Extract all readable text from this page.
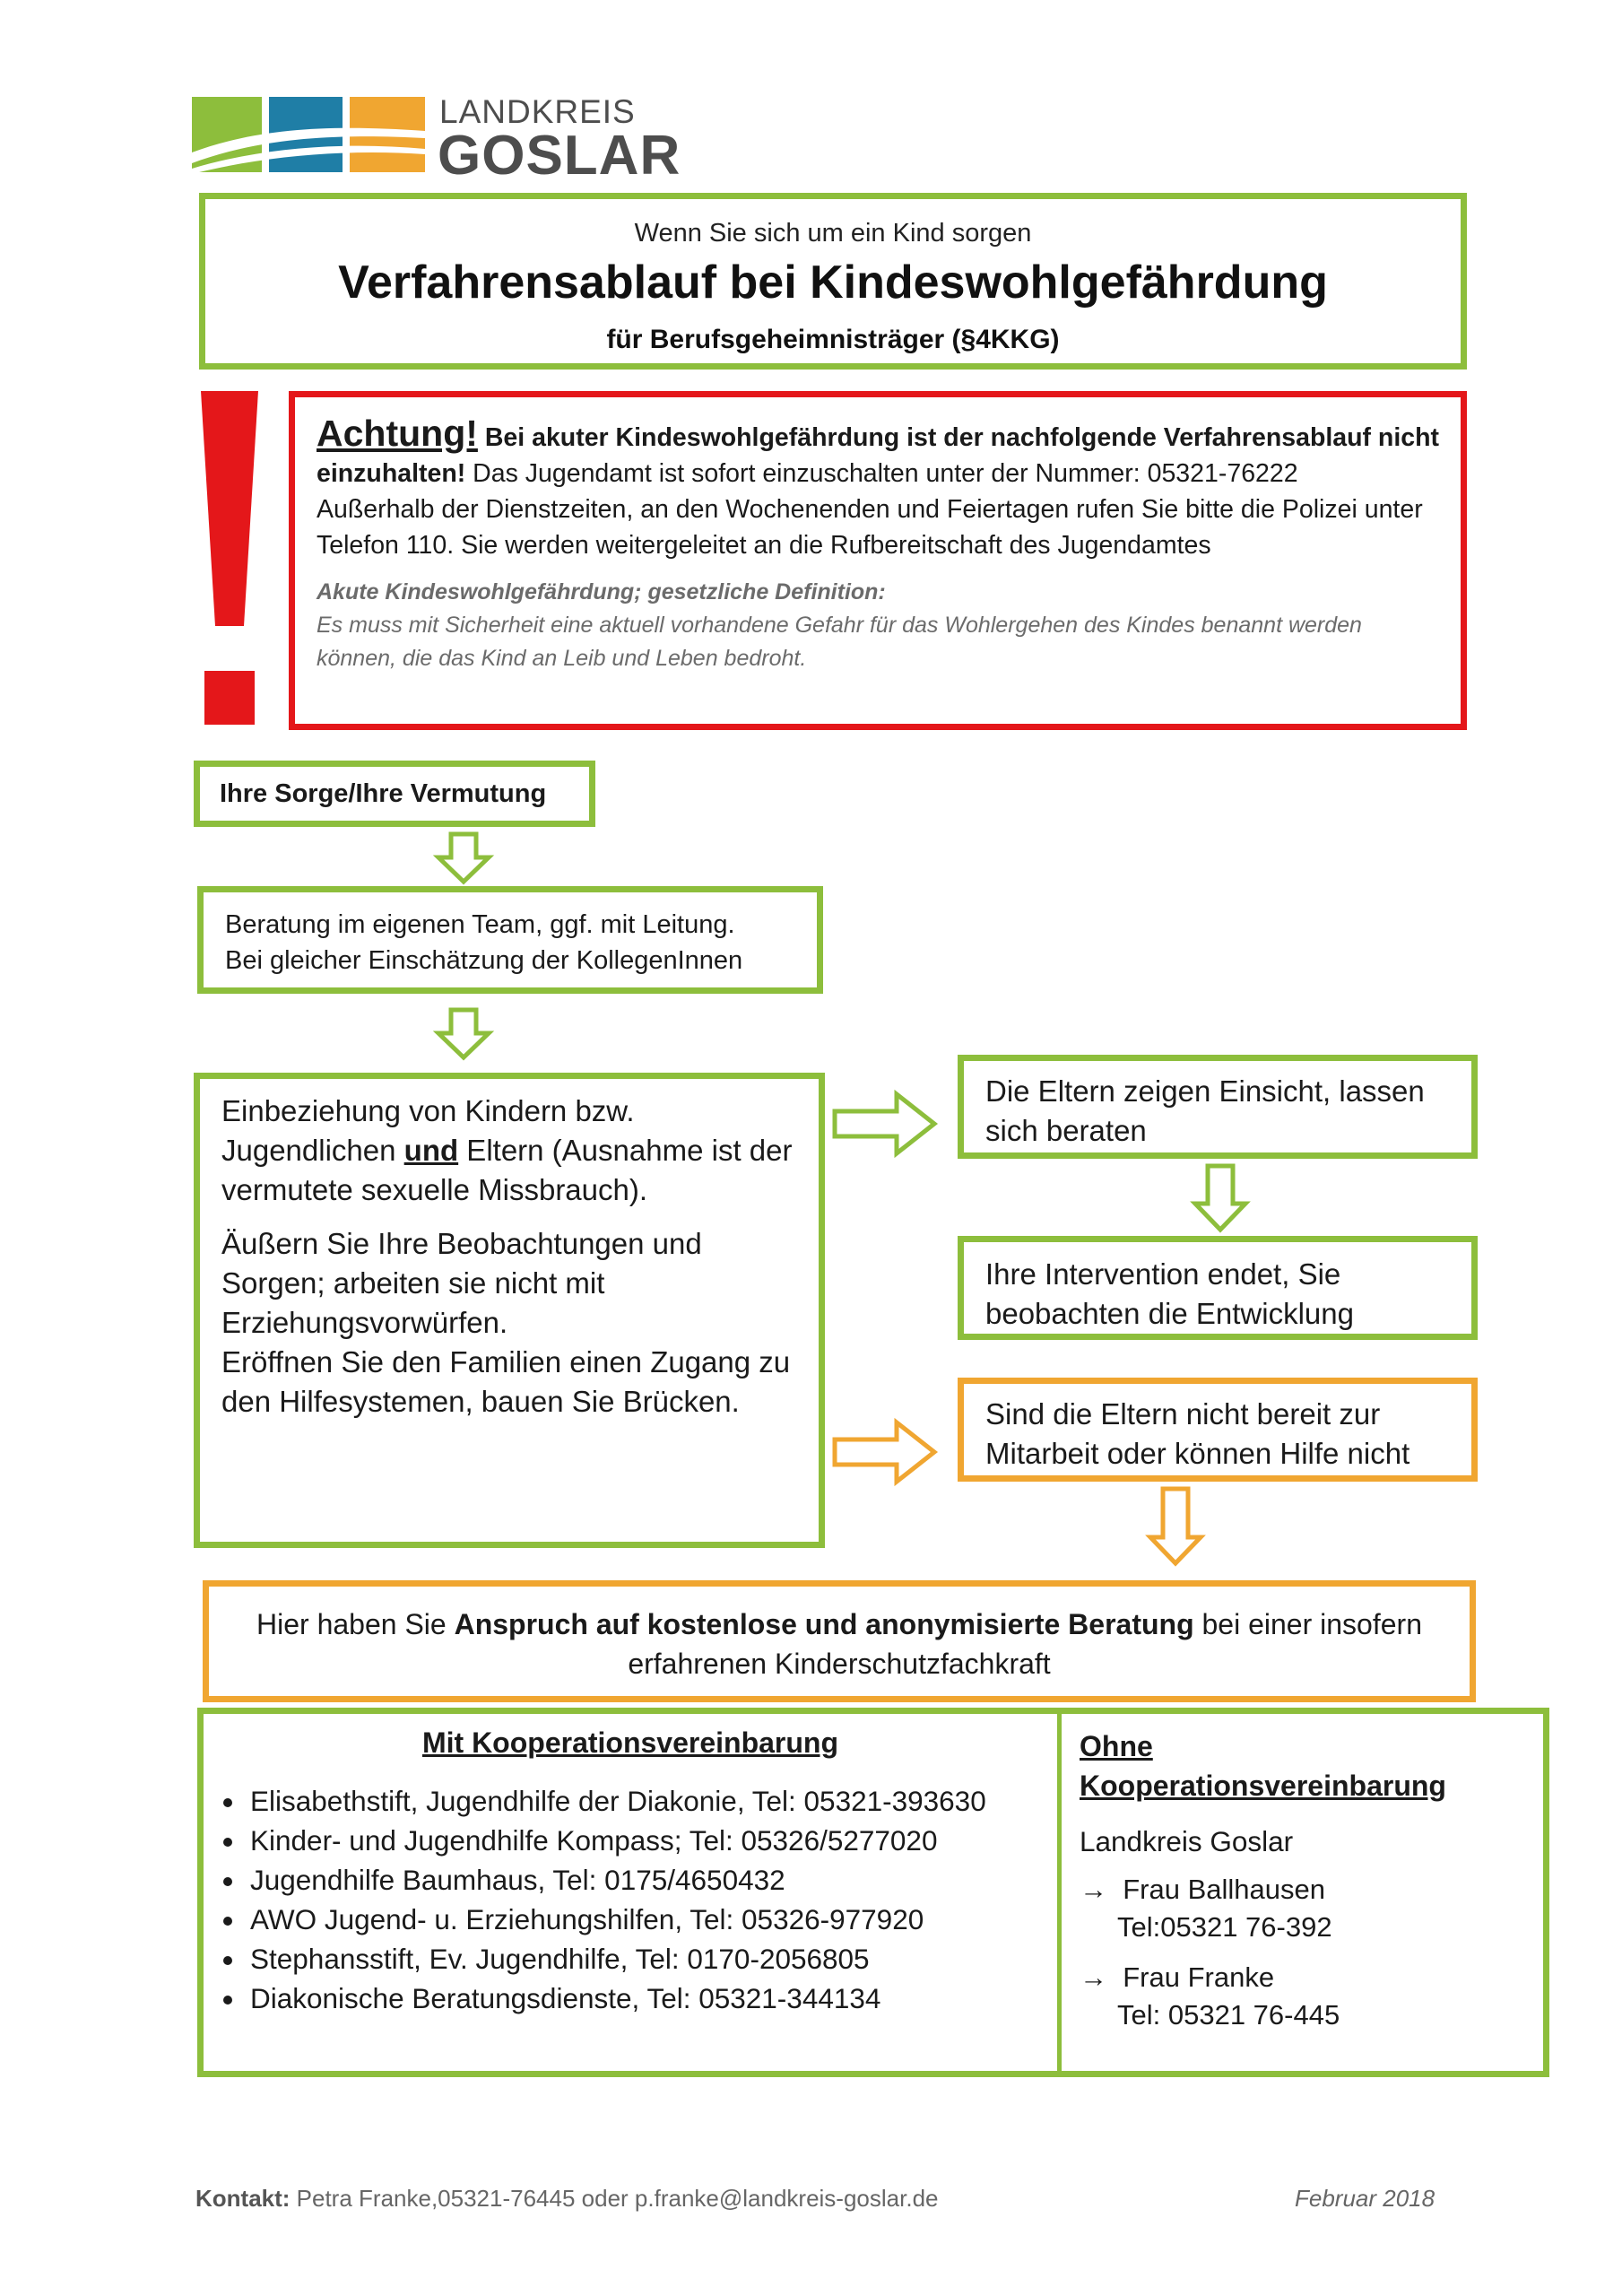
LANDKREIS
GOSLAR
Wenn Sie sich um ein Kind sorgen
Verfahrensablauf bei Kindeswohlgefährdung
für Berufsgeheimnisträger (§4KKG)
Achtung! Bei akuter Kindeswohlgefährdung ist der nachfolgende Verfahrensablauf nicht einzuhalten! Das Jugendamt ist sofort einzuschalten unter der Nummer: 05321-76222
Außerhalb der Dienstzeiten, an den Wochenenden und Feiertagen rufen Sie bitte die Polizei unter Telefon 110. Sie werden weitergeleitet an die Rufbereitschaft des Jugendamtes
Akute Kindeswohlgefährdung; gesetzliche Definition:
Es muss mit Sicherheit eine aktuell vorhandene Gefahr für das Wohlergehen des Kindes benannt werden können, die das Kind an Leib und Leben bedroht.
Ihre Sorge/Ihre Vermutung
Beratung im eigenen Team, ggf. mit Leitung.
Bei gleicher Einschätzung der KollegenInnen
Einbeziehung von Kindern bzw. Jugendlichen und Eltern (Ausnahme ist der vermutete sexuelle Missbrauch).
Äußern Sie Ihre Beobachtungen und Sorgen; arbeiten sie nicht mit Erziehungsvorwürfen.
Eröffnen Sie den Familien einen Zugang zu den Hilfesystemen, bauen Sie Brücken.
Die Eltern zeigen Einsicht, lassen sich beraten
Ihre Intervention endet, Sie beobachten die Entwicklung
Sind die Eltern nicht bereit zur Mitarbeit oder können Hilfe nicht
Hier haben Sie Anspruch auf kostenlose und anonymisierte Beratung bei einer insofern erfahrenen Kinderschutzfachkraft
Mit Kooperationsvereinbarung
• Elisabethstift, Jugendhilfe der Diakonie, Tel: 05321-393630
• Kinder- und Jugendhilfe Kompass; Tel: 05326/5277020
• Jugendhilfe Baumhaus, Tel: 0175/4650432
• AWO Jugend- u. Erziehungshilfen, Tel: 05326-977920
• Stephansstift, Ev. Jugendhilfe, Tel: 0170-2056805
• Diakonische Beratungsdienste, Tel: 05321-344134
Ohne
Kooperationsvereinbarung
Landkreis Goslar
→ Frau Ballhausen
Tel:05321 76-392
→ Frau Franke
Tel: 05321 76-445
Kontakt: Petra Franke,05321-76445 oder p.franke@landkreis-goslar.de	Februar 2018
